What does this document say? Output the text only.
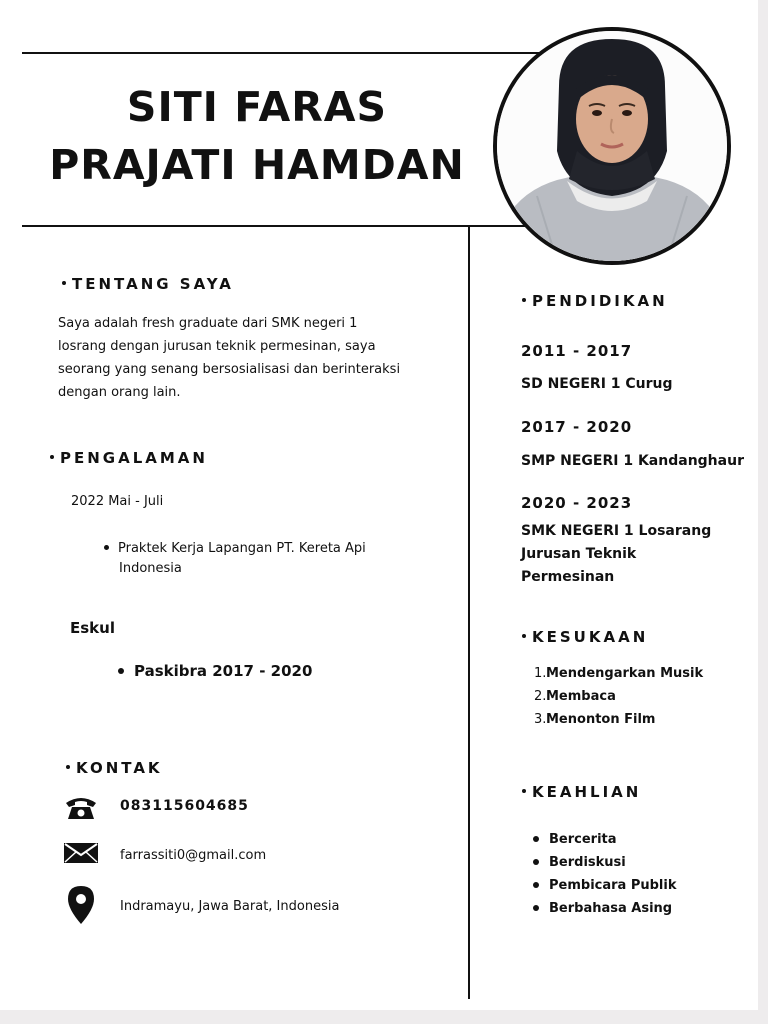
SITI FARAS
PRAJATI HAMDAN
TENTANG SAYA
Saya adalah fresh graduate dari SMK negeri 1
losrang dengan jurusan teknik permesinan, saya
seorang yang senang bersosialisasi dan berinteraksi
dengan orang lain.
PENGALAMAN
2022 Mai - Juli
Praktek Kerja Lapangan PT. Kereta Api
Indonesia
Eskul
Paskibra 2017 - 2020
KONTAK
083115604685
farrassiti0@gmail.com
Indramayu, Jawa Barat, Indonesia
PENDIDIKAN
2011 - 2017
SD NEGERI 1 Curug
2017 - 2020
SMP NEGERI 1 Kandanghaur
2020 - 2023
SMK NEGERI 1 Losarang
Jurusan Teknik
Permesinan
KESUKAAN
1.Mendengarkan Musik
2.Membaca
3.Menonton Film
KEAHLIAN
Bercerita
Berdiskusi
Pembicara Publik
Berbahasa Asing
